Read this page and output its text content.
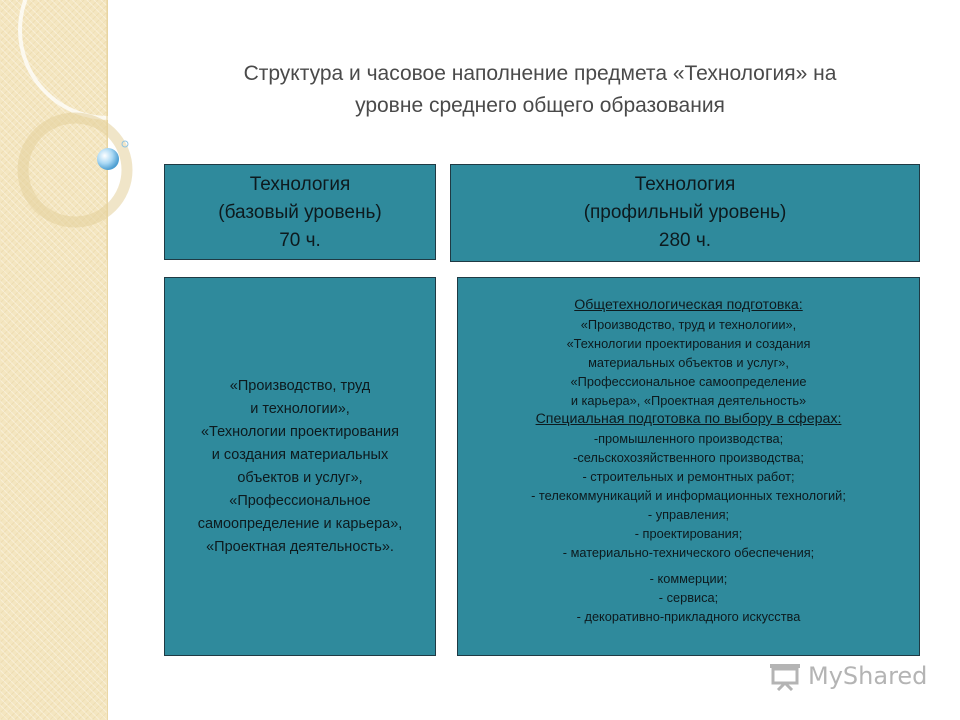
Структура и часовое наполнение предмета «Технология» на
уровне среднего общего образования
Технология
(базовый уровень)
70 ч.
Технология
(профильный уровень)
280 ч.
«Производство, труд
и технологии»,
«Технологии проектирования
и создания материальных
объектов и услуг»,
«Профессиональное
самоопределение и карьера»,
«Проектная деятельность».
Общетехнологическая подготовка:
«Производство, труд и технологии»,
«Технологии проектирования и создания
материальных объектов и услуг»,
«Профессиональное самоопределение
и карьера», «Проектная деятельность»
Специальная подготовка по выбору в сферах:
-промышленного производства;
-сельскохозяйственного производства;
- строительных и ремонтных работ;
- телекоммуникаций и информационных технологий;
- управления;
- проектирования;
- материально-технического обеспечения;
- коммерции;
- сервиса;
- декоративно-прикладного искусства
MyShared
